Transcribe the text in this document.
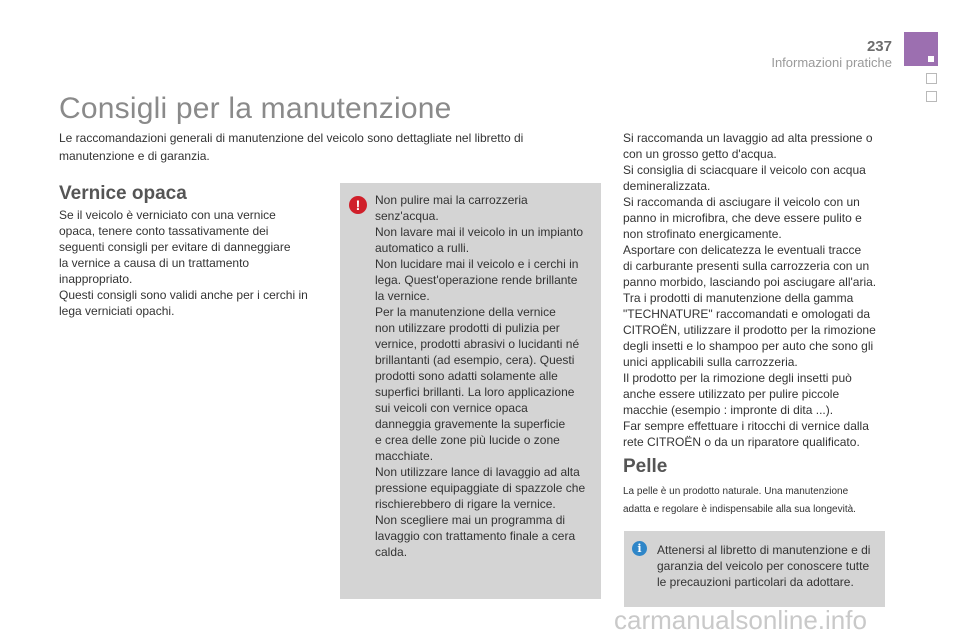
237
Informazioni pratiche
Consigli per la manutenzione
Le raccomandazioni generali di manutenzione del veicolo sono dettagliate nel libretto di
manutenzione e di garanzia.
Vernice opaca
Se il veicolo è verniciato con una vernice
opaca, tenere conto tassativamente dei
seguenti consigli per evitare di danneggiare
la vernice a causa di un trattamento
inappropriato.
Questi consigli sono validi anche per i cerchi in
lega verniciati opachi.
!	Non pulire mai la carrozzeria
senz'acqua.
Non lavare mai il veicolo in un impianto
automatico a rulli.
Non lucidare mai il veicolo e i cerchi in
lega. Quest'operazione rende brillante
la vernice.
Per la manutenzione della vernice
non utilizzare prodotti di pulizia per
vernice, prodotti abrasivi o lucidanti né
brillantanti (ad esempio, cera). Questi
prodotti sono adatti solamente alle
superfici brillanti. La loro applicazione
sui veicoli con vernice opaca
danneggia gravemente la superficie
e crea delle zone più lucide o zone
macchiate.
Non utilizzare lance di lavaggio ad alta
pressione equipaggiate di spazzole che
rischierebbero di rigare la vernice.
Non scegliere mai un programma di
lavaggio con trattamento finale a cera
calda.
Si raccomanda un lavaggio ad alta pressione o
con un grosso getto d'acqua.
Si consiglia di sciacquare il veicolo con acqua
demineralizzata.
Si raccomanda di asciugare il veicolo con un
panno in microfibra, che deve essere pulito e
non strofinato energicamente.
Asportare con delicatezza le eventuali tracce
di carburante presenti sulla carrozzeria con un
panno morbido, lasciando poi asciugare all'aria.
Tra i prodotti di manutenzione della gamma
"TECHNATURE" raccomandati e omologati da
CITROËN, utilizzare il prodotto per la rimozione
degli insetti e lo shampoo per auto che sono gli
unici applicabili sulla carrozzeria.
Il prodotto per la rimozione degli insetti può
anche essere utilizzato per pulire piccole
macchie (esempio : impronte di dita ...).
Far sempre effettuare i ritocchi di vernice dalla
rete CITROËN o da un riparatore qualificato.
Pelle
La pelle è un prodotto naturale. Una manutenzione
adatta e regolare è indispensabile alla sua longevità.
i	Attenersi al libretto di manutenzione e di
garanzia del veicolo per conoscere tutte
le precauzioni particolari da adottare.
carmanualsonline.info
